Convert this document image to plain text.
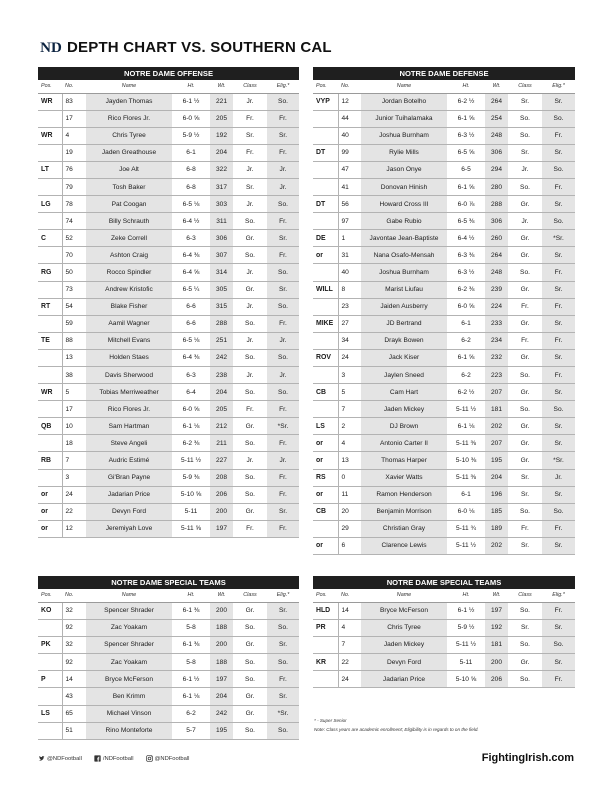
ND DEPTH CHART VS. SOUTHERN CAL
NOTRE DAME OFFENSE
Pos.	No.	Name	Ht.	Wt.	Class	Elig.*
WR	83	Jayden Thomas	6-1 ½	221	Jr.	So.
	17	Rico Flores Jr.	6-0 ⅝	205	Fr.	Fr.
WR	4	Chris Tyree	5-9 ½	192	Sr.	Sr.
	19	Jaden Greathouse	6-1	204	Fr.	Fr.
LT	76	Joe Alt	6-8	322	Jr.	Jr.
	79	Tosh Baker	6-8	317	Sr.	Jr.
LG	78	Pat Coogan	6-5 ⅛	303	Jr.	So.
	74	Billy Schrauth	6-4 ½	311	So.	Fr.
C	52	Zeke Correll	6-3	306	Gr.	Sr.
	70	Ashton Craig	6-4 ⅜	307	So.	Fr.
RG	50	Rocco Spindler	6-4 ⅝	314	Jr.	So.
	73	Andrew Kristofic	6-5 ¼	305	Gr.	Sr.
RT	54	Blake Fisher	6-6	315	Jr.	So.
	59	Aamil Wagner	6-6	288	So.	Fr.
TE	88	Mitchell Evans	6-5 ⅛	251	Jr.	Jr.
	13	Holden Staes	6-4 ⅜	242	So.	So.
	38	Davis Sherwood	6-3	238	Jr.	Jr.
WR	5	Tobias Merriweather	6-4	204	So.	So.
	17	Rico Flores Jr.	6-0 ⅝	205	Fr.	Fr.
QB	10	Sam Hartman	6-1 ⅛	212	Gr.	*Sr.
	18	Steve Angeli	6-2 ⅜	211	So.	Fr.
RB	7	Audric Estimé	5-11 ½	227	Jr.	Jr.
	3	Gi'Bran Payne	5-9 ⅜	208	So.	Fr.
or	24	Jadarian Price	5-10 ⅝	206	So.	Fr.
or	22	Devyn Ford	5-11	200	Gr.	Sr.
or	12	Jeremiyah Love	5-11 ⅝	197	Fr.	Fr.
NOTRE DAME DEFENSE
Pos.	No.	Name	Ht.	Wt.	Class	Elig.*
VYP	12	Jordan Botelho	6-2 ½	264	Sr.	Sr.
	44	Junior Tuihalamaka	6-1 ⅝	254	So.	So.
	40	Joshua Burnham	6-3 ½	248	So.	Fr.
DT	99	Rylie Mills	6-5 ⅝	306	Sr.	Sr.
	47	Jason Onye	6-5	294	Jr.	So.
	41	Donovan Hinish	6-1 ⅝	280	So.	Fr.
DT	56	Howard Cross III	6-0 ⅞	288	Gr.	Sr.
	97	Gabe Rubio	6-5 ⅜	306	Jr.	So.
DE	1	Javontae Jean-Baptiste	6-4 ½	260	Gr.	*Sr.
or	31	Nana Osafo-Mensah	6-3 ⅜	264	Gr.	Sr.
	40	Joshua Burnham	6-3 ½	248	So.	Fr.
WILL	8	Marist Liufau	6-2 ⅜	239	Gr.	Sr.
	23	Jaiden Ausberry	6-0 ⅝	224	Fr.	Fr.
MIKE	27	JD Bertrand	6-1	233	Gr.	Sr.
	34	Drayk Bowen	6-2	234	Fr.	Fr.
ROV	24	Jack Kiser	6-1 ⅝	232	Gr.	Sr.
	3	Jaylen Sneed	6-2	223	So.	Fr.
CB	5	Cam Hart	6-2 ½	207	Gr.	Sr.
	7	Jaden Mickey	5-11 ½	181	So.	So.
LS	2	DJ Brown	6-1 ⅛	202	Gr.	Sr.
or	4	Antonio Carter II	5-11 ⅜	207	Gr.	Sr.
or	13	Thomas Harper	5-10 ⅜	195	Gr.	*Sr.
RS	0	Xavier Watts	5-11 ⅜	204	Sr.	Jr.
or	11	Ramon Henderson	6-1	196	Sr.	Sr.
CB	20	Benjamin Morrison	6-0 ⅛	185	So.	So.
	29	Christian Gray	5-11 ¾	189	Fr.	Fr.
or	6	Clarence Lewis	5-11 ½	202	Sr.	Sr.
NOTRE DAME SPECIAL TEAMS
Pos.	No.	Name	Ht.	Wt.	Class	Elig.*
KO	32	Spencer Shrader	6-1 ⅜	200	Gr.	Sr.
	92	Zac Yoakam	5-8	188	So.	So.
PK	32	Spencer Shrader	6-1 ⅜	200	Gr.	Sr.
	92	Zac Yoakam	5-8	188	So.	So.
P	14	Bryce McFerson	6-1 ½	197	So.	Fr.
	43	Ben Krimm	6-1 ⅛	204	Gr.	Sr.
LS	65	Michael Vinson	6-2	242	Gr.	*Sr.
	51	Rino Monteforte	5-7	195	So.	So.
NOTRE DAME SPECIAL TEAMS
Pos.	No.	Name	Ht.	Wt.	Class	Elig.*
HLD	14	Bryce McFerson	6-1 ½	197	So.	Fr.
PR	4	Chris Tyree	5-9 ½	192	Sr.	Sr.
	7	Jaden Mickey	5-11 ½	181	So.	So.
KR	22	Devyn Ford	5-11	200	Gr.	Sr.
	24	Jadarian Price	5-10 ⅝	206	So.	Fr.
* - Super Senior
Note: Class years are academic enrollment; Eligibility is in regards to on the field.
@NDFootball	/NDFootball	@NDFootball	FightingIrish.com
